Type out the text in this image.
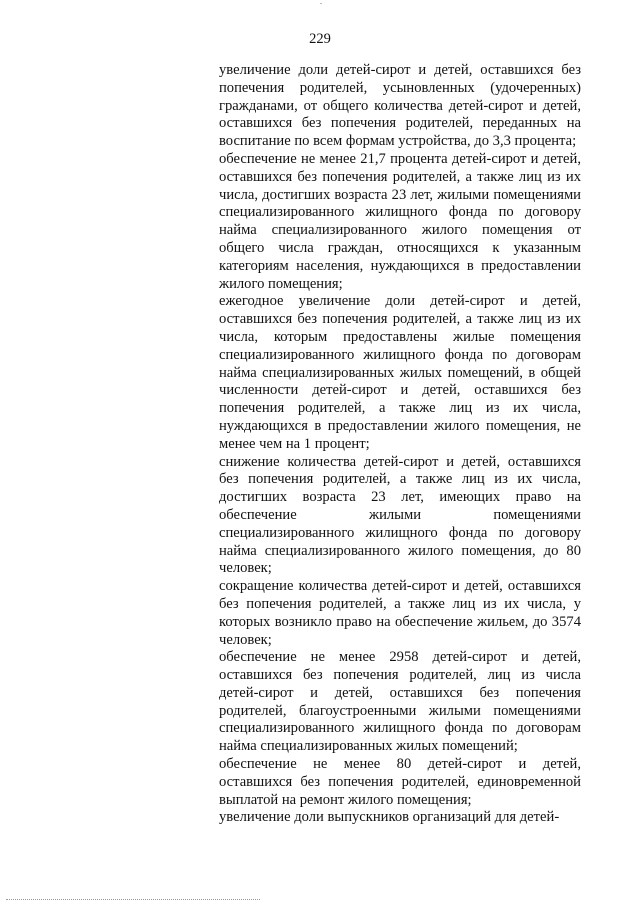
229

увеличение доли детей-сирот и детей, оставшихся без попечения родителей, усыновленных (удочеренных) гражданами, от общего количества детей-сирот и детей, оставшихся без попечения родителей, переданных на воспитание по всем формам устройства, до 3,3 процента;

обеспечение не менее 21,7 процента детей-сирот и детей, оставшихся без попечения родителей, а также лиц из их числа, достигших возраста 23 лет, жилыми помещениями специализированного жилищного фонда по договору найма специализированного жилого помещения от общего числа граждан, относящихся к указанным категориям населения, нуждающихся в предоставлении жилого помещения;

ежегодное увеличение доли детей-сирот и детей, оставшихся без попечения родителей, а также лиц из их числа, которым предоставлены жилые помещения специализированного жилищного фонда по договорам найма специализированных жилых помещений, в общей численности детей-сирот и детей, оставшихся без попечения родителей, а также лиц из их числа, нуждающихся в предоставлении жилого помещения, не менее чем на 1 процент;

снижение количества детей-сирот и детей, оставшихся без попечения родителей, а также лиц из их числа, достигших возраста 23 лет, имеющих право на обеспечение жилыми помещениями специализированного жилищного фонда по договору найма специализированного жилого помещения, до 80 человек;

сокращение количества детей-сирот и детей, оставшихся без попечения родителей, а также лиц из их числа, у которых возникло право на обеспечение жильем, до 3574 человек;

обеспечение не менее 2958 детей-сирот и детей, оставшихся без попечения родителей, лиц из числа детей-сирот и детей, оставшихся без попечения родителей, благоустроенными жилыми помещениями специализированного жилищного фонда по договорам найма специализированных жилых помещений;

обеспечение не менее 80 детей-сирот и детей, оставшихся без попечения родителей, единовременной выплатой на ремонт жилого помещения;

увеличение доли выпускников организаций для детей-
